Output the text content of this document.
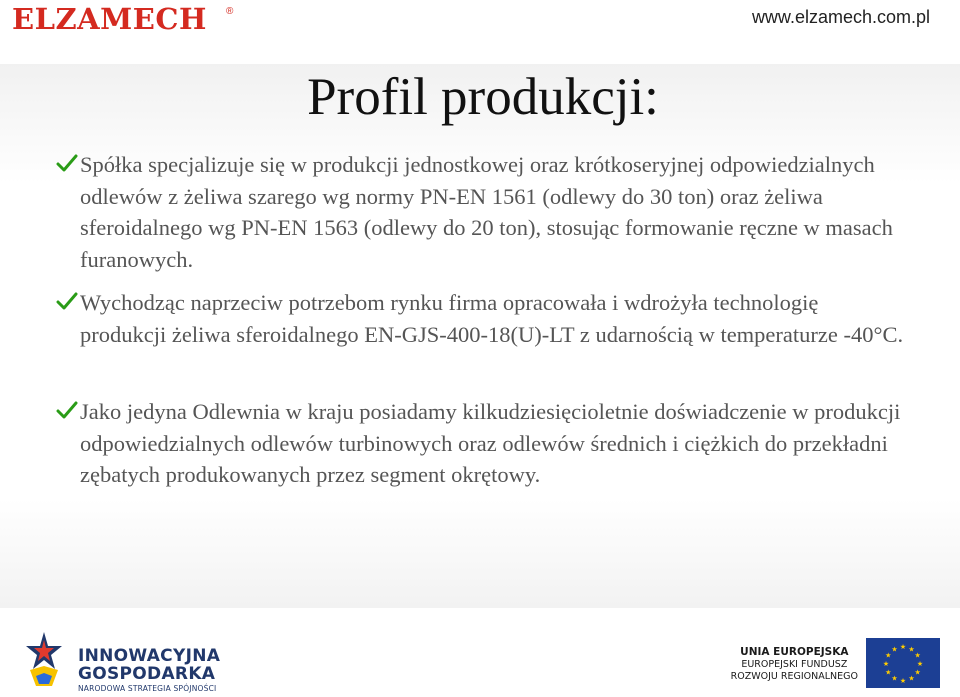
ELZAMECH ®	www.elzamech.com.pl
Profil produkcji:
Spółka specjalizuje się w produkcji jednostkowej oraz krótkoseryjnej odpowiedzialnych odlewów z żeliwa szarego wg normy PN-EN 1561 (odlewy do 30 ton) oraz żeliwa sferoidalnego wg PN-EN 1563 (odlewy do 20 ton), stosując formowanie ręczne w masach furanowych.
Wychodząc naprzeciw potrzebom rynku firma opracowała i wdrożyła technologię produkcji żeliwa sferoidalnego EN-GJS-400-18(U)-LT z udarnością w temperaturze -40°C.
Jako jedyna Odlewnia w kraju posiadamy kilkudziesięcioletnie doświadczenie w produkcji odpowiedzialnych odlewów turbinowych oraz odlewów średnich i ciężkich do przekładni zębatych produkowanych przez segment okrętowy.
INNOWACYJNA
GOSPODARKA
NARODOWA STRATEGIA SPÓJNOŚCI
UNIA EUROPEJSKA
EUROPEJSKI FUNDUSZ
ROZWOJU REGIONALNEGO
★ ★
★
★
★
★
★
★
★
★
★
★
